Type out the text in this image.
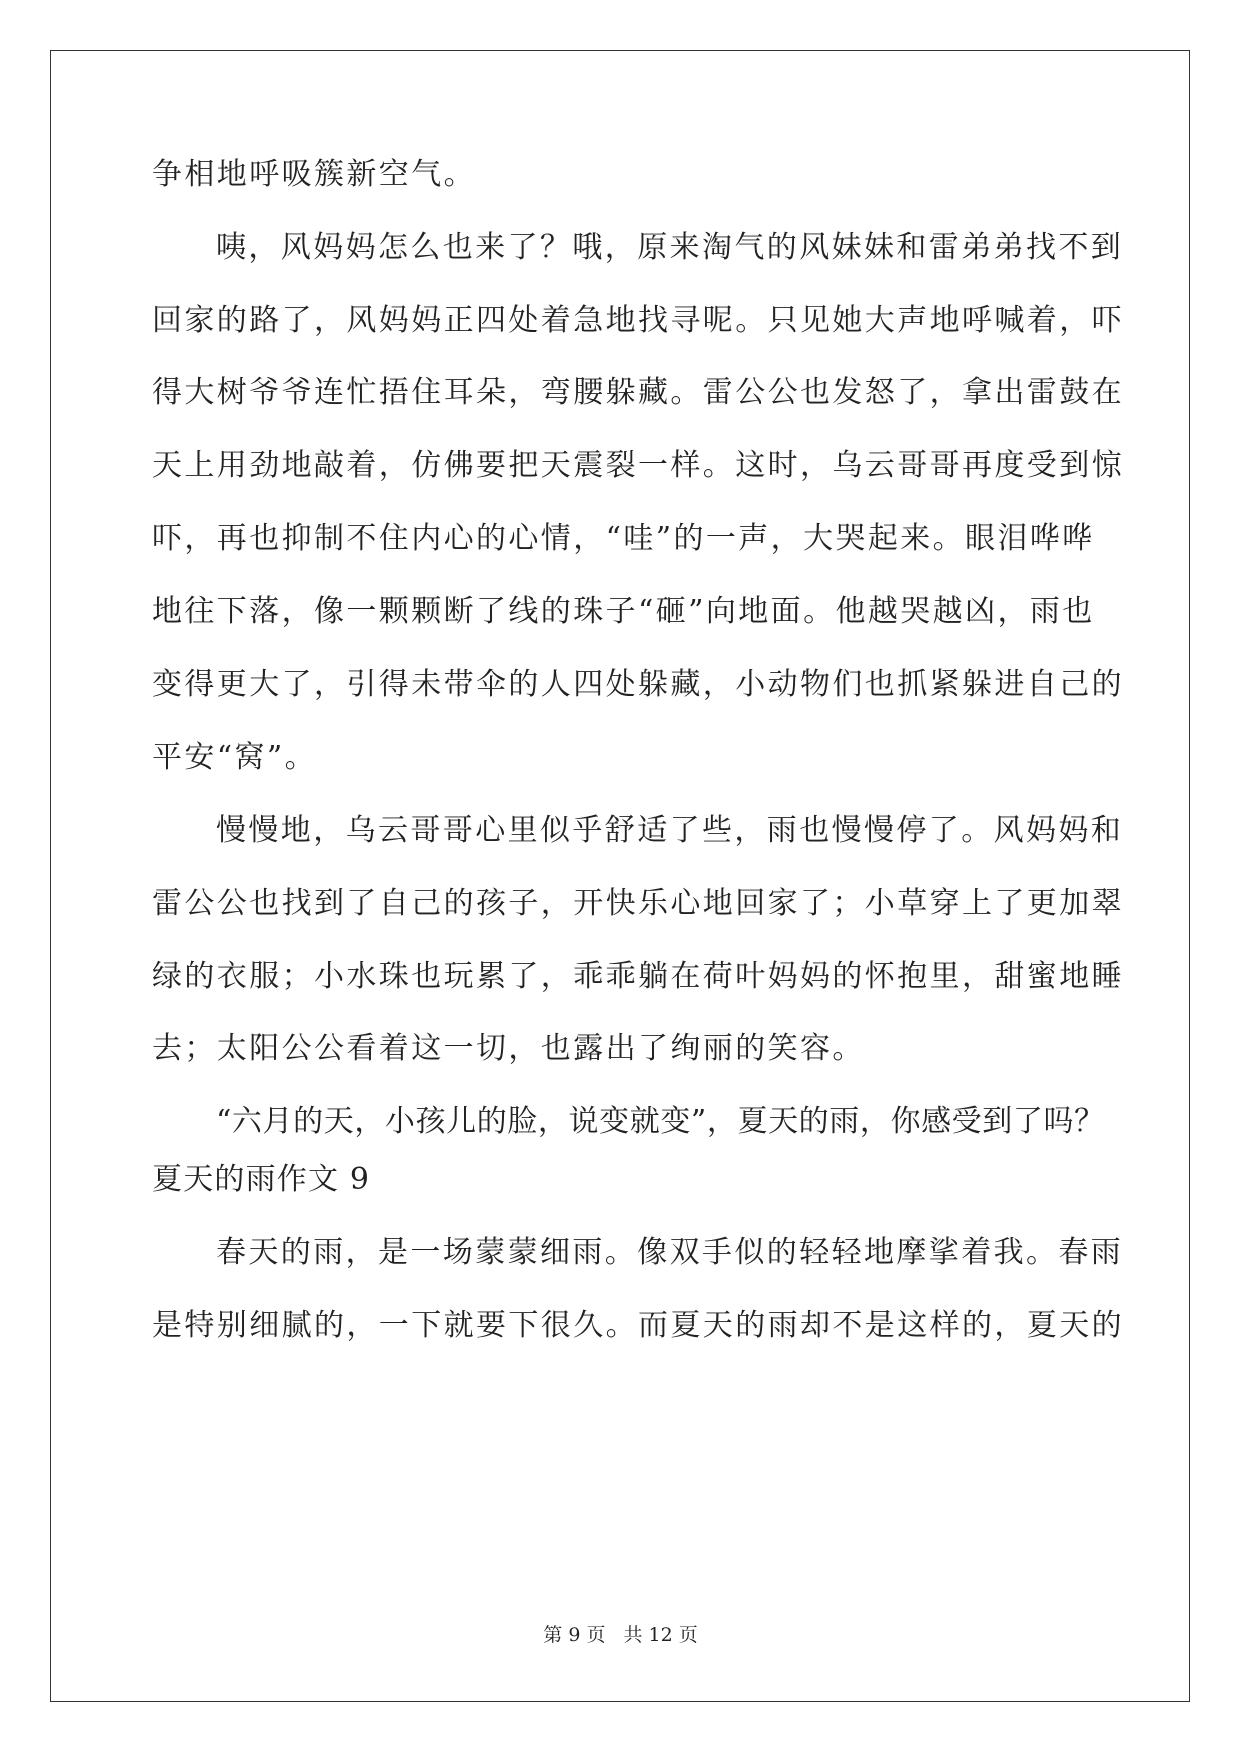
争相地呼吸簇新空气。
咦，风妈妈怎么也来了？哦，原来淘气的风妹妹和雷弟弟找不到
回家的路了，风妈妈正四处着急地找寻呢。只见她大声地呼喊着，吓
得大树爷爷连忙捂住耳朵，弯腰躲藏。雷公公也发怒了，拿出雷鼓在
天上用劲地敲着，仿佛要把天震裂一样。这时，乌云哥哥再度受到惊
吓，再也抑制不住内心的心情，“哇”的一声，大哭起来。眼泪哗哗
地往下落，像一颗颗断了线的珠子“砸”向地面。他越哭越凶，雨也
变得更大了，引得未带伞的人四处躲藏，小动物们也抓紧躲进自己的
平安“窝”。
慢慢地，乌云哥哥心里似乎舒适了些，雨也慢慢停了。风妈妈和
雷公公也找到了自己的孩子，开快乐心地回家了；小草穿上了更加翠
绿的衣服；小水珠也玩累了，乖乖躺在荷叶妈妈的怀抱里，甜蜜地睡
去；太阳公公看着这一切，也露出了绚丽的笑容。
“六月的天，小孩儿的脸，说变就变”，夏天的雨，你感受到了吗？
夏天的雨作文 9
春天的雨，是一场蒙蒙细雨。像双手似的轻轻地摩挲着我。春雨
是特别细腻的，一下就要下很久。而夏天的雨却不是这样的，夏天的
第 9 页 共 12 页
